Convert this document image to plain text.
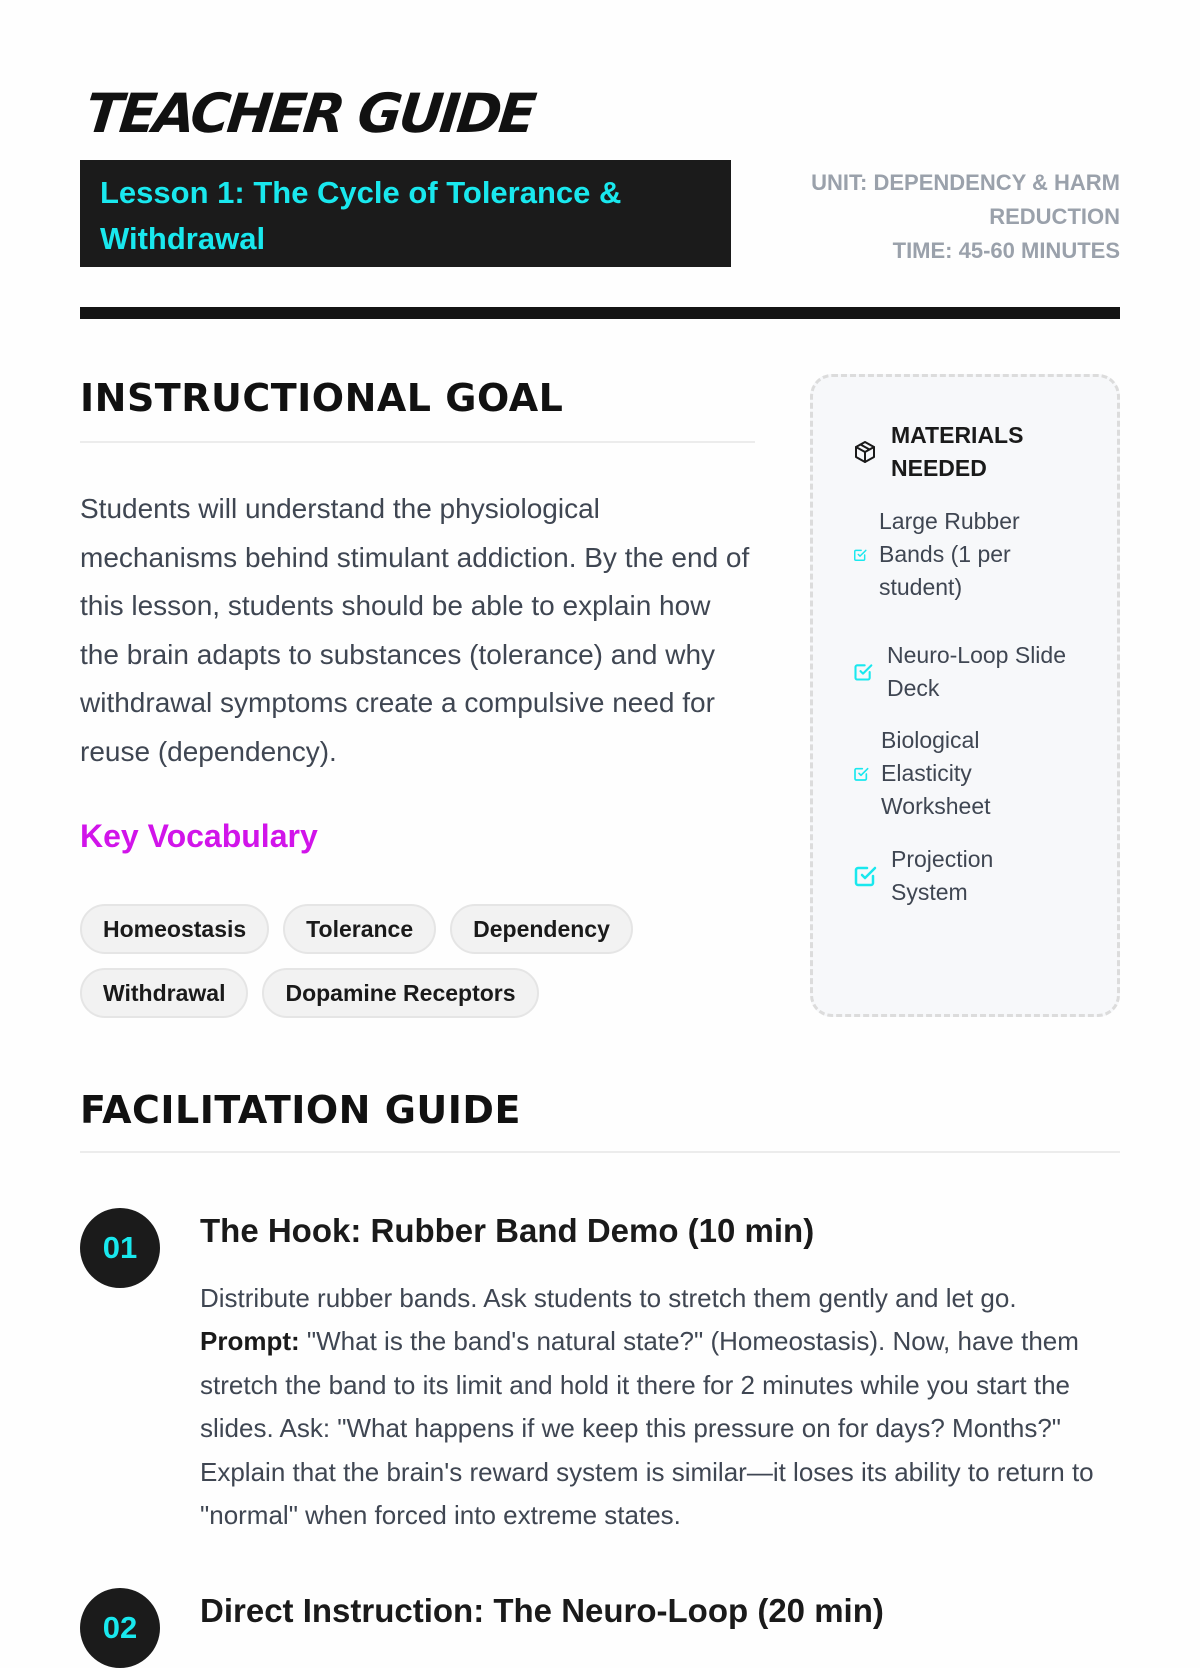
TEACHER GUIDE
Lesson 1: The Cycle of Tolerance & Withdrawal
UNIT: DEPENDENCY & HARM REDUCTION
TIME: 45-60 MINUTES
INSTRUCTIONAL GOAL

Students will understand the physiological mechanisms behind stimulant addiction. By the end of this lesson, students should be able to explain how the brain adapts to substances (tolerance) and why withdrawal symptoms create a compulsive need for reuse (dependency).

Key Vocabulary
Homeostasis	Tolerance	Dependency
Withdrawal	Dopamine Receptors
MATERIALS NEEDED
Large Rubber Bands (1 per student)
Neuro-Loop Slide Deck
Biological Elasticity Worksheet
Projection System
FACILITATION GUIDE
01	The Hook: Rubber Band Demo (10 min)
Distribute rubber bands. Ask students to stretch them gently and let go.
Prompt: "What is the band's natural state?" (Homeostasis). Now, have them stretch the band to its limit and hold it there for 2 minutes while you start the slides. Ask: "What happens if we keep this pressure on for days? Months?" Explain that the brain's reward system is similar—it loses its ability to return to "normal" when forced into extreme states.
02	Direct Instruction: The Neuro-Loop (20 min)
